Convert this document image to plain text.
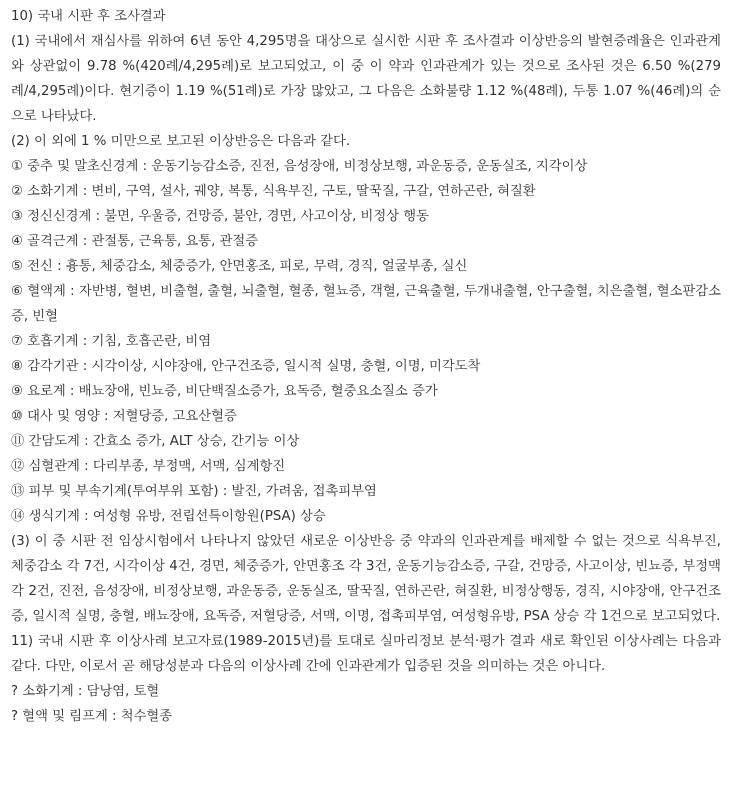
10) 국내 시판 후 조사결과

(1) 국내에서 재심사를 위하여 6년 동안 4,295명을 대상으로 실시한 시판 후 조사결과 이상반응의 발현증례율은 인과관계와 상관없이 9.78 %(420례/4,295례)로 보고되었고, 이 중 이 약과 인과관계가 있는 것으로 조사된 것은 6.50 %(279례/4,295례)이다. 현기증이 1.19 %(51례)로 가장 많았고, 그 다음은 소화불량 1.12 %(48례), 두통 1.07 %(46례)의 순으로 나타났다.

(2) 이 외에 1 % 미만으로 보고된 이상반응은 다음과 같다.

① 중추 및 말초신경계 : 운동기능감소증, 진전, 음성장애, 비정상보행, 과운동증, 운동실조, 지각이상

② 소화기계 : 변비, 구역, 설사, 궤양, 복통, 식욕부진, 구토, 딸꾹질, 구갈, 연하곤란, 혀질환

③ 정신신경계 : 불면, 우울증, 건망증, 불안, 경면, 사고이상, 비정상 행동

④ 골격근계 : 관절통, 근육통, 요통, 관절증

⑤ 전신 : 흉통, 체중감소, 체중증가, 안면홍조, 피로, 무력, 경직, 얼굴부종, 실신

⑥ 혈액계 : 자반병, 혈변, 비출혈, 출혈, 뇌출혈, 혈종, 혈뇨증, 객혈, 근육출혈, 두개내출혈, 안구출혈, 치은출혈, 혈소판감소증, 빈혈

⑦ 호흡기계 : 기침, 호흡곤란, 비염

⑧ 감각기관 : 시각이상, 시야장애, 안구건조증, 일시적 실명, 충혈, 이명, 미각도착

⑨ 요로계 : 배뇨장애, 빈뇨증, 비단백질소증가, 요독증, 혈중요소질소 증가

⑩ 대사 및 영양 : 저혈당증, 고요산혈증

⑪ 간담도계 : 간효소 증가, ALT 상승, 간기능 이상

⑫ 심혈관계 : 다리부종, 부정맥, 서맥, 심계항진

⑬ 피부 및 부속기계(투여부위 포함) : 발진, 가려움, 접촉피부염

⑭ 생식기계 : 여성형 유방, 전립선특이항원(PSA) 상승

(3) 이 중 시판 전 임상시험에서 나타나지 않았던 새로운 이상반응 중 약과의 인과관계를 배제할 수 없는 것으로 식욕부진, 체중감소 각 7건, 시각이상 4건, 경면, 체중증가, 안면홍조 각 3건, 운동기능감소증, 구갈, 건망증, 사고이상, 빈뇨증, 부정맥 각 2건, 진전, 음성장애, 비정상보행, 과운동증, 운동실조, 딸꾹질, 연하곤란, 혀질환, 비정상행동, 경직, 시야장애, 안구건조증, 일시적 실명, 충혈, 배뇨장애, 요독증, 저혈당증, 서맥, 이명, 접촉피부염, 여성형유방, PSA 상승 각 1건으로 보고되었다.

11) 국내 시판 후 이상사례 보고자료(1989-2015년)를 토대로 실마리정보 분석·평가 결과 새로 확인된 이상사례는 다음과 같다. 다만, 이로서 곧 해당성분과 다음의 이상사례 간에 인과관계가 입증된 것을 의미하는 것은 아니다.

? 소화기계 : 담낭염, 토혈

? 혈액 및 림프계 : 척수혈종
